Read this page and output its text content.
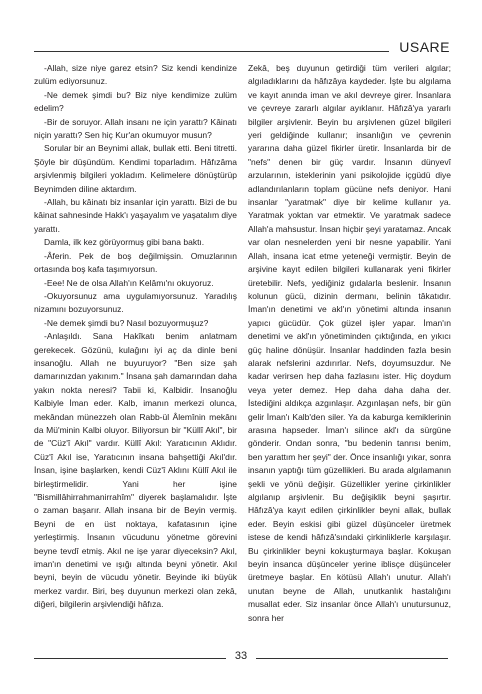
USARE

-Allah, size niye garez etsin? Siz kendi kendinize zulüm ediyorsunuz.

-Ne demek şimdi bu? Biz niye kendimize zulüm edelim?

-Bir de soruyor. Allah insanı ne için yarattı? Kâinatı niçin yarattı? Sen hiç Kur'an okumuyor musun?

Sorular bir an Beynimi allak, bullak etti. Beni titretti. Şöyle bir düşündüm. Kendimi toparladım. Hâfızâma arşivlenmiş bilgileri yokladım. Kelimelere dönüştürüp Beynimden diline aktardım.

-Allah, bu kâinatı biz insanlar için yarattı. Bizi de bu kâinat sahnesinde Hakk'ı yaşayalım ve yaşatalım diye yarattı.

Damla, ilk kez görüyormuş gibi bana baktı.

-Âferin. Pek de boş değilmişsin. Omuzlarının ortasında boş kafa taşımıyorsun.

-Eee! Ne de olsa Allah'ın Kelâmı'nı okuyoruz.

-Okuyorsunuz ama uygulamıyorsunuz. Yaradılış nizamını bozuyorsunuz.

-Ne demek şimdi bu? Nasıl bozuyormuşuz?

-Anlaşıldı. Sana Hakîkatı benim anlatmam gerekecek. Gözünü, kulağını iyi aç da dinle beni insanoğlu. Allah ne buyuruyor? "Ben size şah damarınızdan yakınım." İnsana şah damarından daha yakın nokta neresi? Tabii ki, Kalbidir. İnsanoğlu Kalbiyle İman eder. Kalb, imanın merkezi olunca, mekândan münezzeh olan Rabb-ül Âlemînin mekânı da Mü'minin Kalbi oluyor. Biliyorsun bir "Küllî Akıl", bir de "Cüz'î Akıl" vardır. Küllî Akıl: Yaratıcının Aklıdır. Cüz'î Akıl ise, Yaratıcının insana bahşettiği Akıl'dır. İnsan, işine başlarken, kendi Cüz'î Aklını Küllî Akıl ile birleştirmelidir. Yani her işine "Bismillâhirrahmanirrahîm" diyerek başlamalıdır. İşte o zaman başarır. Allah insana bir de Beyin vermiş. Beyni de en üst noktaya, kafatasının içine yerleştirmiş. İnsanın vücudunu yönetme görevini beyne tevdî etmiş. Akıl ne işe yarar diyeceksin? Akıl, iman'ın denetimi ve ışığı altında beyni yönetir. Akıl beyni, beyin de vücudu yönetir. Beyinde iki büyük merkez vardır. Biri, beş duyunun merkezi olan zekâ, diğeri, bilgilerin arşivlendiği hâfıza.

Zekâ, beş duyunun getirdiği tüm verileri algılar; algıladıklarını da hâfızâya kaydeder. İşte bu algılama ve kayıt anında iman ve akıl devreye girer. İnsanlara ve çevreye zararlı algılar ayıklanır. Hâfızâ'ya yararlı bilgiler arşivlenir. Beyin bu arşivlenen güzel bilgileri yeri geldiğinde kullanır; insanlığın ve çevrenin yararına daha güzel fikirler üretir. İnsanlarda bir de "nefs" denen bir güç vardır. İnsanın dünyevî arzularının, isteklerinin yani psikolojide içgüdü diye adlandırılanların toplam gücüne nefs deniyor. Hani insanlar "yaratmak" diye bir kelime kullanır ya. Yaratmak yoktan var etmektir. Ve yaratmak sadece Allah'a mahsustur. İnsan hiçbir şeyi yaratamaz. Ancak var olan nesnelerden yeni bir nesne yapabilir. Yani Allah, insana icat etme yeteneği vermiştir. Beyin de arşivine kayıt edilen bilgileri kullanarak yeni fikirler üretebilir. Nefs, yediğiniz gıdalarla beslenir. İnsanın kolunun gücü, dizinin dermanı, belinin tâkatıdır. İman'ın denetimi ve akl'ın yönetimi altında insanın yapıcı gücüdür. Çok güzel işler yapar. İman'ın denetimi ve akl'ın yönetiminden çıktığında, en yıkıcı güç haline dönüşür. İnsanlar haddinden fazla besin alarak nefslerini azdırırlar. Nefs, doyumsuzdur. Ne kadar verirsen hep daha fazlasını ister. Hiç doydum veya yeter demez. Hep daha daha daha der. İstediğini aldıkça azgınlaşır. Azgınlaşan nefs, bir gün gelir İman'ı Kalb'den siler. Ya da kaburga kemiklerinin arasına hapseder. İman'ı silince akl'ı da sürgüne gönderir. Ondan sonra, "bu bedenin tanrısı benim, ben yarattım her şeyi" der. Önce insanlığı yıkar, sonra insanın yaptığı tüm güzellikleri. Bu arada algılamanın şekli ve yönü değişir. Güzellikler yerine çirkinlikler algılanıp arşivlenir. Bu değişiklik beyni şaşırtır. Hâfızâ'ya kayıt edilen çirkinlikler beyni allak, bullak eder. Beyin eskisi gibi güzel düşünceler üretmek istese de kendi hâfızâ'sındaki çirkinliklerle karşılaşır. Bu çirkinlikler beyni kokuşturmaya başlar. Kokuşan beyin insanca düşünceler yerine iblisçe düşünceler üretmeye başlar. En kötüsü Allah'ı unutur. Allah'ı unutan beyne de Allah, unutkanlık hastalığını musallat eder. Siz insanlar önce Allah'ı unutursunuz, sonra her

33
